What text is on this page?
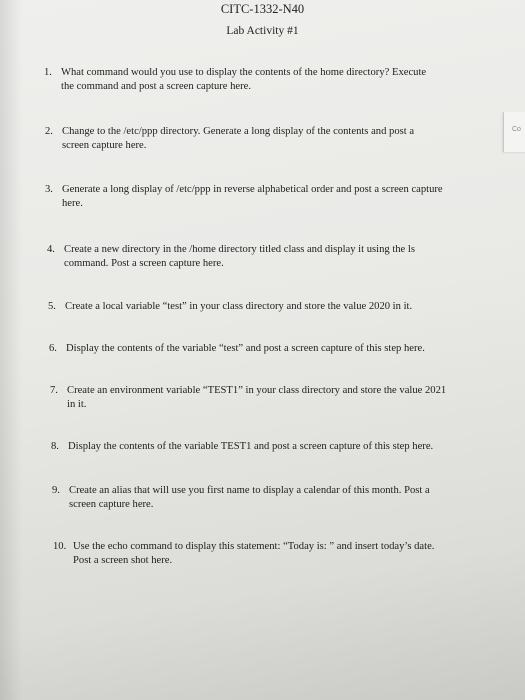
Co
CITC-1332-N40
Lab Activity #1
1. What command would you use to display the contents of the home directory? Execute
the command and post a screen capture here.
2. Change to the /etc/ppp directory. Generate a long display of the contents and post a
screen capture here.
3. Generate a long display of /etc/ppp in reverse alphabetical order and post a screen capture
here.
4. Create a new directory in the /home directory titled class and display it using the ls
command. Post a screen capture here.
5. Create a local variable “test” in your class directory and store the value 2020 in it.
6. Display the contents of the variable “test” and post a screen capture of this step here.
7. Create an environment variable “TEST1” in your class directory and store the value 2021
in it.
8. Display the contents of the variable TEST1 and post a screen capture of this step here.
9. Create an alias that will use you first name to display a calendar of this month. Post a
screen capture here.
10. Use the echo command to display this statement: “Today is: ” and insert today’s date.
Post a screen shot here.
